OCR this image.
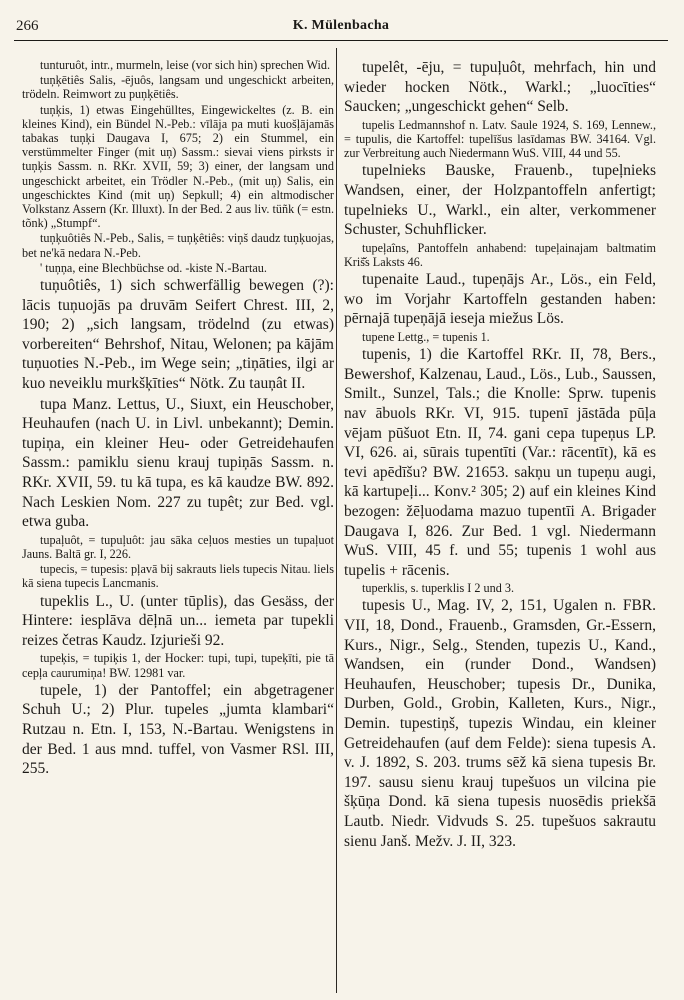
266	K. Mülenbacha

tunturuôt, intr., murmeln, leise (vor sich hin) sprechen Wid.

tuņķētiês Salis, -ējuôs, langsam und ungeschickt arbeiten, trödeln. Reimwort zu puņķētiês.

tuņķis, 1) etwas Eingehülltes, Eingewickeltes (z. B. ein kleines Kind), ein Bündel N.-Peb.: vīlāja pa muti kuošļājamās tabakas tuņķi Daugava I, 675; 2) ein Stummel, ein verstümmelter Finger (mit uņ) Sassm.: sievai viens pirksts ir tuņķis Sassm. n. RKr. XVII, 59; 3) einer, der langsam und ungeschickt arbeitet, ein Trödler N.-Peb., (mit uņ) Salis, ein ungeschicktes Kind (mit uņ) Sepkull; 4) ein altmodischer Volkstanz Assern (Kr. Illuxt). In der Bed. 2 aus liv. tüñk (= estn. tõnk) „Stumpf“.

tuņķuôtiês N.-Peb., Salis, = tuņķêtiês: viņš daudz tuņķuojas, bet ne'kā nedara N.-Peb.

' tuņņa, eine Blechbüchse od. -kiste N.-Bartau.

tuņuôtiês, 1) sich schwerfällig bewegen (?): lācis tuņuojās pa druvām Seifert Chrest. III, 2, 190; 2) „sich langsam, trödelnd (zu etwas) vorbereiten“ Behrshof, Nitau, Welonen; pa kājām tuņuoties N.-Peb., im Wege sein; „tiņāties, ilgi ar kuo neveiklu murkšķīties“ Nötk. Zu tauņât II.

tupa Manz. Lettus, U., Siuxt, ein Heuschober, Heuhaufen (nach U. in Livl. unbekannt); Demin. tupiņa, ein kleiner Heu- oder Getreidehaufen Sassm.: pamiklu sienu krauj tupiņās Sassm. n. RKr. XVII, 59. tu kā tupa, es kā kaudze BW. 892. Nach Leskien Nom. 227 zu tupêt; zur Bed. vgl. etwa guba.

tupaļuôt, = tupuļuôt: jau sāka ceļuos mesties un tupaļuot Jauns. Baltā gr. I, 226.

tupecis, = tupesis: pļavā bij sakrauts liels tupecis Nitau. liels kā siena tupecis Lancmanis.

tupeklis L., U. (unter tūplis), das Gesäss, der Hintere: iesplāva dēļnā un... iemeta par tupekli reizes četras Kaudz. Izjurieši 92.

tupeķis, = tupiķis 1, der Hocker: tupi, tupi, tupeķīti, pie tā cepļa caurumiņa! BW. 12981 var.

tupele, 1) der Pantoffel; ein abgetragener Schuh U.; 2) Plur. tupeles „jumta klambari“ Rutzau n. Etn. I, 153, N.-Bartau. Wenigstens in der Bed. 1 aus mnd. tuffel, von Vasmer RSl. III, 255.

tupelêt, -ēju, = tupuļuôt, mehrfach, hin und wieder hocken Nötk., Warkl.; „luocīties“ Saucken; „ungeschickt gehen“ Selb.

tupelis Ledmannshof n. Latv. Saule 1924, S. 169, Lennew., = tupulis, die Kartoffel: tupelīšus lasīdamas BW. 34164. Vgl. zur Verbreitung auch Niedermann WuS. VIII, 44 und 55.

tupelnieks Bauske, Frauenb., tupeļnieks Wandsen, einer, der Holzpantoffeln anfertigt; tupelnieks U., Warkl., ein alter, verkommener Schuster, Schuhflicker.

tupeļaîns, Pantoffeln anhabend: tupeļainajam baltmatim Kriš̌s Laksts 46.

tupenaite Laud., tupeņājs Ar., Lös., ein Feld, wo im Vorjahr Kartoffeln gestanden haben: pērnajā tupeņājā ieseja miežus Lös.

tupene Lettg., = tupenis 1.

tupenis, 1) die Kartoffel RKr. II, 78, Bers., Bewershof, Kalzenau, Laud., Lös., Lub., Saussen, Smilt., Sunzel, Tals.; die Knolle: Sprw. tupenis nav ābuols RKr. VI, 915. tupenī jāstāda pūļa vējam pūšuot Etn. II, 74. gani cepa tupeņus LP. VI, 626. ai, sūrais tupentīti (Var.: rācentīt), kā es tevi apēdīšu? BW. 21653. sakņu un tupeņu augi, kā kartupeļi... Konv.² 305; 2) auf ein kleines Kind bezogen: žēļuodama mazuo tupentīi A. Brigader Daugava I, 826. Zur Bed. 1 vgl. Niedermann WuS. VIII, 45 f. und 55; tupenis 1 wohl aus tupelis + rācenis.

tuperklis, s. tuperklis I 2 und 3.

tupesis U., Mag. IV, 2, 151, Ugalen n. FBR. VII, 18, Dond., Frauenb., Gramsden, Gr.-Essern, Kurs., Nigr., Selg., Stenden, tupezis U., Kand., Wandsen, ein (runder Dond., Wandsen) Heuhaufen, Heuschober; tupesis Dr., Dunika, Durben, Gold., Grobin, Kalleten, Kurs., Nigr., Demin. tupestiņš, tupezis Windau, ein kleiner Getreidehaufen (auf dem Felde): siena tupesis A. v. J. 1892, S. 203. trums sēž kā siena tupesis Br. 197. sausu sienu krauj tupešuos un vilcina pie šķūņa Dond. kā siena tupesis nuosēdis priekšā Lautb. Niedr. Vidvuds S. 25. tupešuos sakrautu sienu Janš. Mežv. J. II, 323.
